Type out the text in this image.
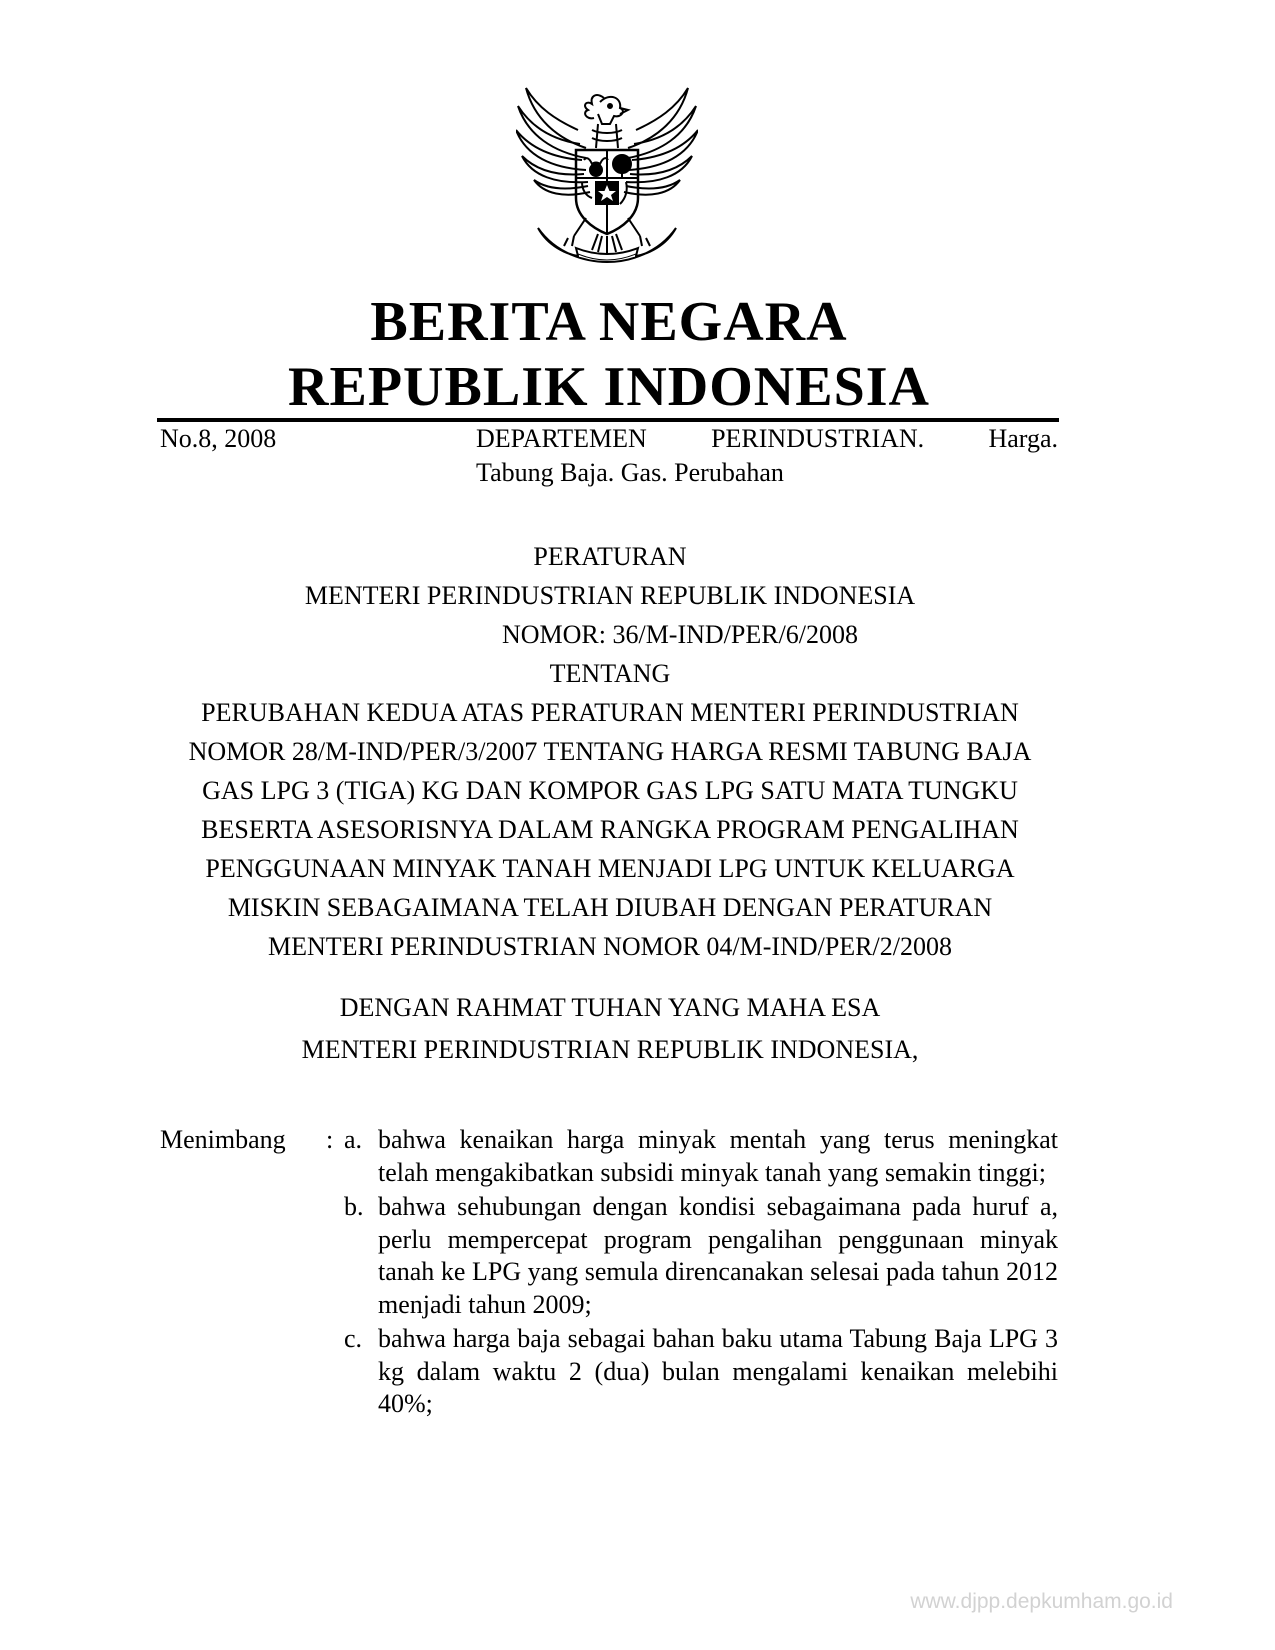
BERITA NEGARA
REPUBLIK INDONESIA
No.8, 2008	DEPARTEMEN PERINDUSTRIAN. Harga.
Tabung Baja. Gas. Perubahan
PERATURAN
MENTERI PERINDUSTRIAN REPUBLIK INDONESIA
NOMOR: 36/M-IND/PER/6/2008
TENTANG
PERUBAHAN KEDUA ATAS PERATURAN MENTERI PERINDUSTRIAN
NOMOR 28/M-IND/PER/3/2007 TENTANG HARGA RESMI TABUNG BAJA
GAS LPG 3 (TIGA) KG DAN KOMPOR GAS LPG SATU MATA TUNGKU
BESERTA ASESORISNYA DALAM RANGKA PROGRAM PENGALIHAN
PENGGUNAAN MINYAK TANAH MENJADI LPG UNTUK KELUARGA
MISKIN SEBAGAIMANA TELAH DIUBAH DENGAN PERATURAN
MENTERI PERINDUSTRIAN NOMOR 04/M-IND/PER/2/2008
DENGAN RAHMAT TUHAN YANG MAHA ESA
MENTERI PERINDUSTRIAN REPUBLIK INDONESIA,
Menimbang : a. bahwa kenaikan harga minyak mentah yang terus meningkat telah mengakibatkan subsidi minyak tanah yang semakin tinggi;
b. bahwa sehubungan dengan kondisi sebagaimana pada huruf a, perlu mempercepat program pengalihan penggunaan minyak tanah ke LPG yang semula direncanakan selesai pada tahun 2012 menjadi tahun 2009;
c. bahwa harga baja sebagai bahan baku utama Tabung Baja LPG 3 kg dalam waktu 2 (dua) bulan mengalami kenaikan melebihi 40%;
www.djpp.depkumham.go.id
